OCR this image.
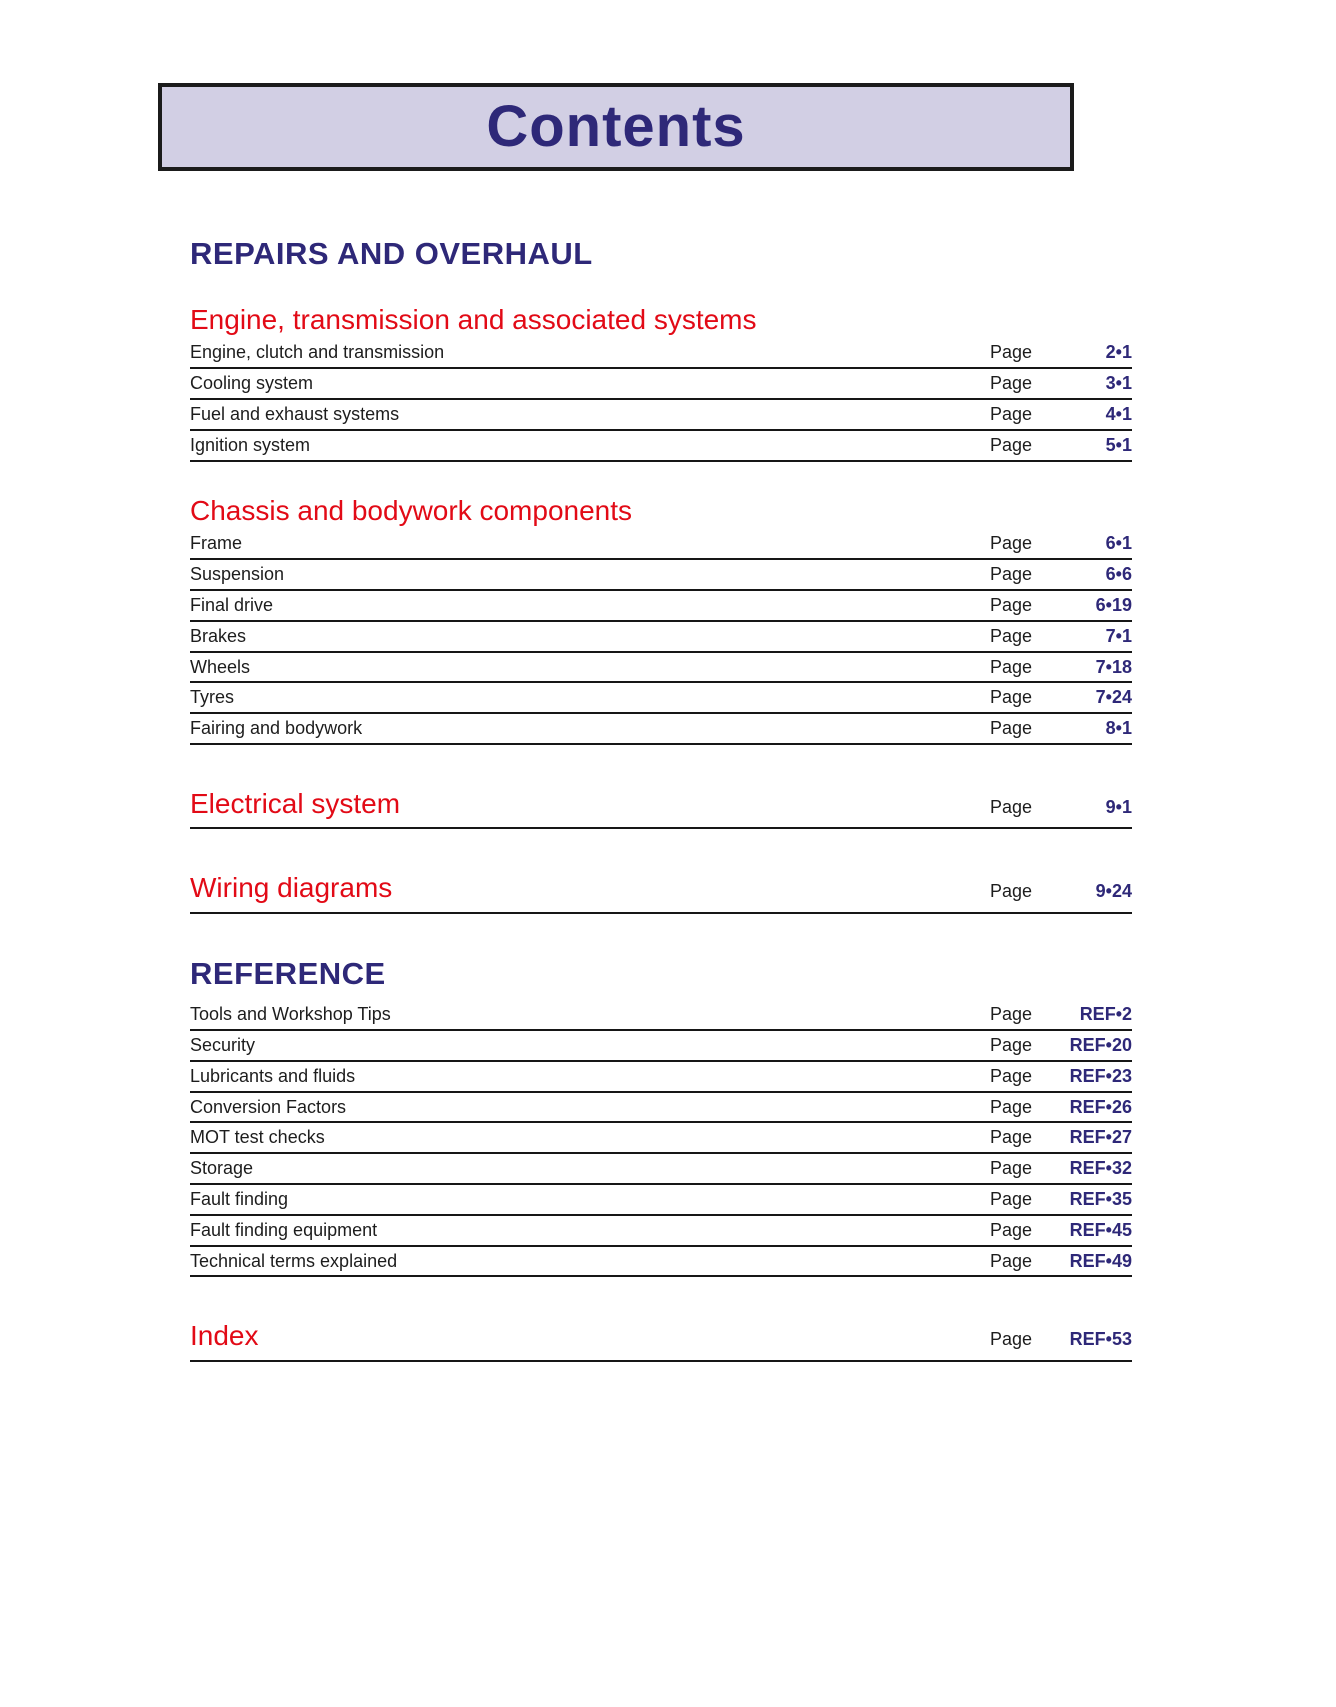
Contents
REPAIRS AND OVERHAUL
Engine, transmission and associated systems
Engine, clutch and transmission	Page	2•1
Cooling system	Page	3•1
Fuel and exhaust systems	Page	4•1
Ignition system	Page	5•1
Chassis and bodywork components
Frame	Page	6•1
Suspension	Page	6•6
Final drive	Page	6•19
Brakes	Page	7•1
Wheels	Page	7•18
Tyres	Page	7•24
Fairing and bodywork	Page	8•1
Electrical system	Page	9•1
Wiring diagrams	Page	9•24
REFERENCE
Tools and Workshop Tips	Page	REF•2
Security	Page	REF•20
Lubricants and fluids	Page	REF•23
Conversion Factors	Page	REF•26
MOT test checks	Page	REF•27
Storage	Page	REF•32
Fault finding	Page	REF•35
Fault finding equipment	Page	REF•45
Technical terms explained	Page	REF•49
Index	Page	REF•53
